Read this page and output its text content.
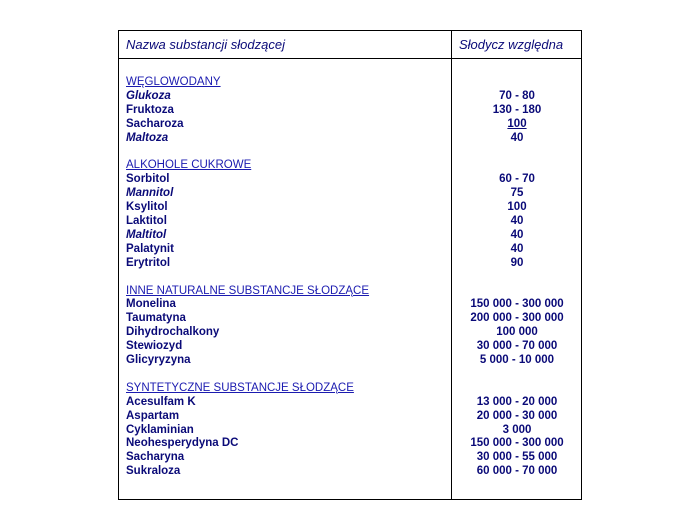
Nazwa substancji słodzącej	Słodycz względna
WĘGLOWODANY
Glukoza	70 - 80
Fruktoza	130 - 180
Sacharoza	100
Maltoza	40
ALKOHOLE CUKROWE
Sorbitol	60 - 70
Mannitol	75
Ksylitol	100
Laktitol	40
Maltitol	40
Palatynit	40
Erytritol	90
INNE NATURALNE SUBSTANCJE SŁODZĄCE
Monelina	150 000 - 300 000
Taumatyna	200 000 - 300 000
Dihydrochalkony	100 000
Stewiozyd	30 000 - 70 000
Glicyryzyna	5 000 - 10 000
SYNTETYCZNE SUBSTANCJE SŁODZĄCE
Acesulfam K	13 000 - 20 000
Aspartam	20 000 - 30 000
Cyklaminian	3 000
Neohesperydyna DC	150 000 - 300 000
Sacharyna	30 000 - 55 000
Sukraloza	60 000 - 70 000
